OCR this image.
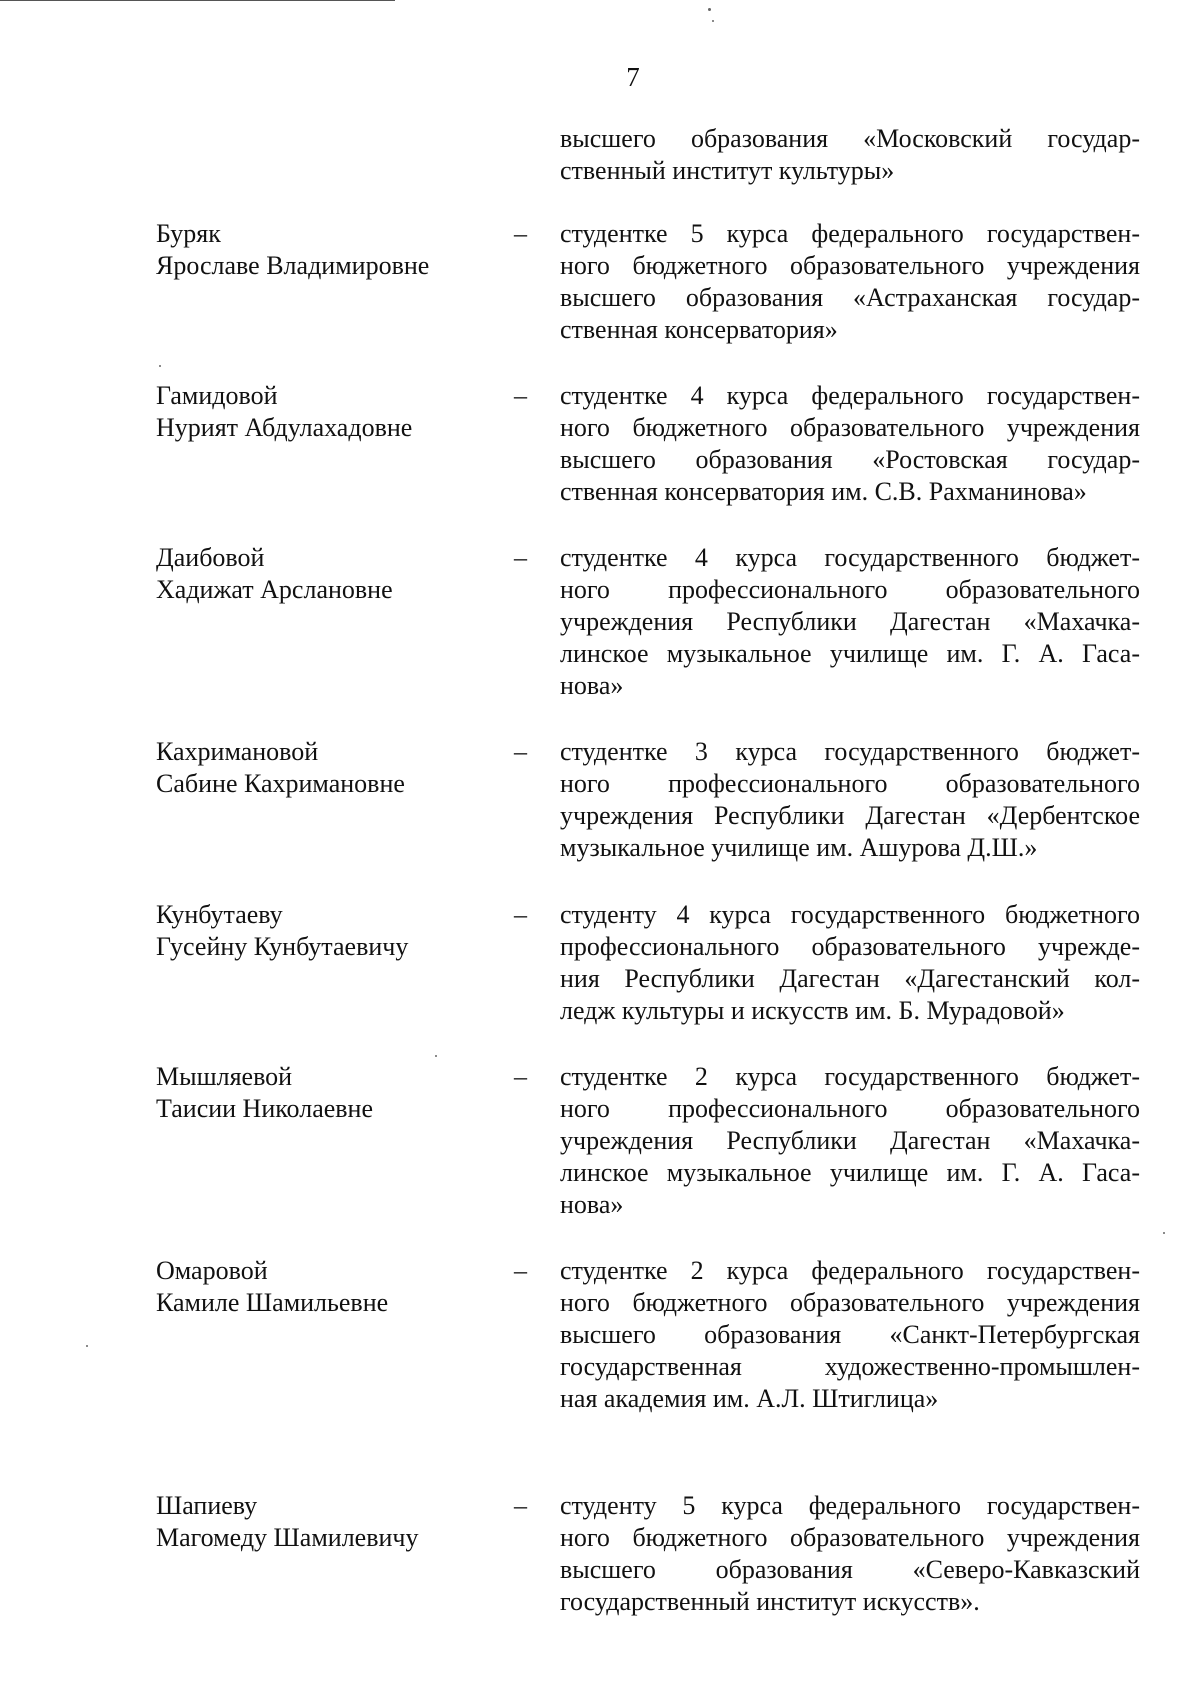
7
высшего образования «Московский государ-
ственный институт культуры»
Буряк
Ярославе Владимировне
– студентке 5 курса федерального государствен-
ного бюджетного образовательного учреждения
высшего образования «Астраханская государ-
ственная консерватория»
Гамидовой
Нурият Абдулахадовне
– студентке 4 курса федерального государствен-
ного бюджетного образовательного учреждения
высшего образования «Ростовская государ-
ственная консерватория им. С.В. Рахманинова»
Даибовой
Хадижат Арслановне
– студентке 4 курса государственного бюджет-
ного профессионального образовательного
учреждения Республики Дагестан «Махачка-
линское музыкальное училище им. Г. А. Гаса-
нова»
Кахримановой
Сабине Кахримановне
– студентке 3 курса государственного бюджет-
ного профессионального образовательного
учреждения Республики Дагестан «Дербентское
музыкальное училище им. Ашурова Д.Ш.»
Кунбутаеву
Гусейну Кунбутаевичу
– студенту 4 курса государственного бюджетного
профессионального образовательного учрежде-
ния Республики Дагестан «Дагестанский кол-
ледж культуры и искусств им. Б. Мурадовой»
Мышляевой
Таисии Николаевне
– студентке 2 курса государственного бюджет-
ного профессионального образовательного
учреждения Республики Дагестан «Махачка-
линское музыкальное училище им. Г. А. Гаса-
нова»
Омаровой
Камиле Шамильевне
– студентке 2 курса федерального государствен-
ного бюджетного образовательного учреждения
высшего образования «Санкт-Петербургская
государственная художественно-промышлен-
ная академия им. А.Л. Штиглица»
Шапиеву
Магомеду Шамилевичу
– студенту 5 курса федерального государствен-
ного бюджетного образовательного учреждения
высшего образования «Северо-Кавказский
государственный институт искусств».
